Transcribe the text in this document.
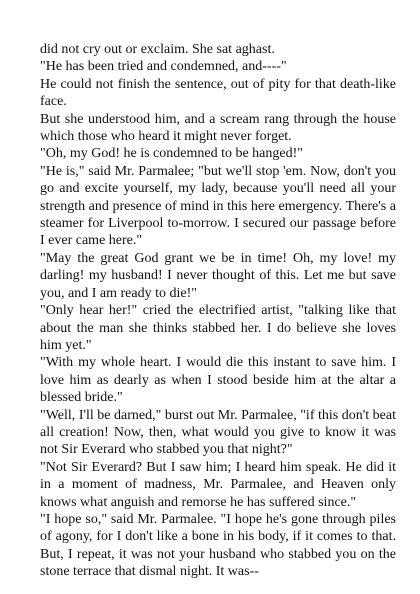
did not cry out or exclaim. She sat aghast.

"He has been tried and condemned, and----"

He could not finish the sentence, out of pity for that death-like face.

But she understood him, and a scream rang through the house which those who heard it might never forget.

"Oh, my God! he is condemned to be hanged!"

"He is," said Mr. Parmalee; "but we'll stop 'em. Now, don't you go and excite yourself, my lady, because you'll need all your strength and presence of mind in this here emergency. There's a steamer for Liverpool to-morrow. I secured our passage before I ever came here."

"May the great God grant we be in time! Oh, my love! my darling! my husband! I never thought of this. Let me but save you, and I am ready to die!"

"Only hear her!" cried the electrified artist, "talking like that about the man she thinks stabbed her. I do believe she loves him yet."

"With my whole heart. I would die this instant to save him. I love him as dearly as when I stood beside him at the altar a blessed bride."

"Well, I'll be darned," burst out Mr. Parmalee, "if this don't beat all creation! Now, then, what would you give to know it was not Sir Everard who stabbed you that night?"

"Not Sir Everard? But I saw him; I heard him speak. He did it in a moment of madness, Mr. Parmalee, and Heaven only knows what anguish and remorse he has suffered since."

"I hope so," said Mr. Parmalee. "I hope he's gone through piles of agony, for I don't like a bone in his body, if it comes to that. But, I repeat, it was not your husband who stabbed you on the stone terrace that dismal night. It was--
